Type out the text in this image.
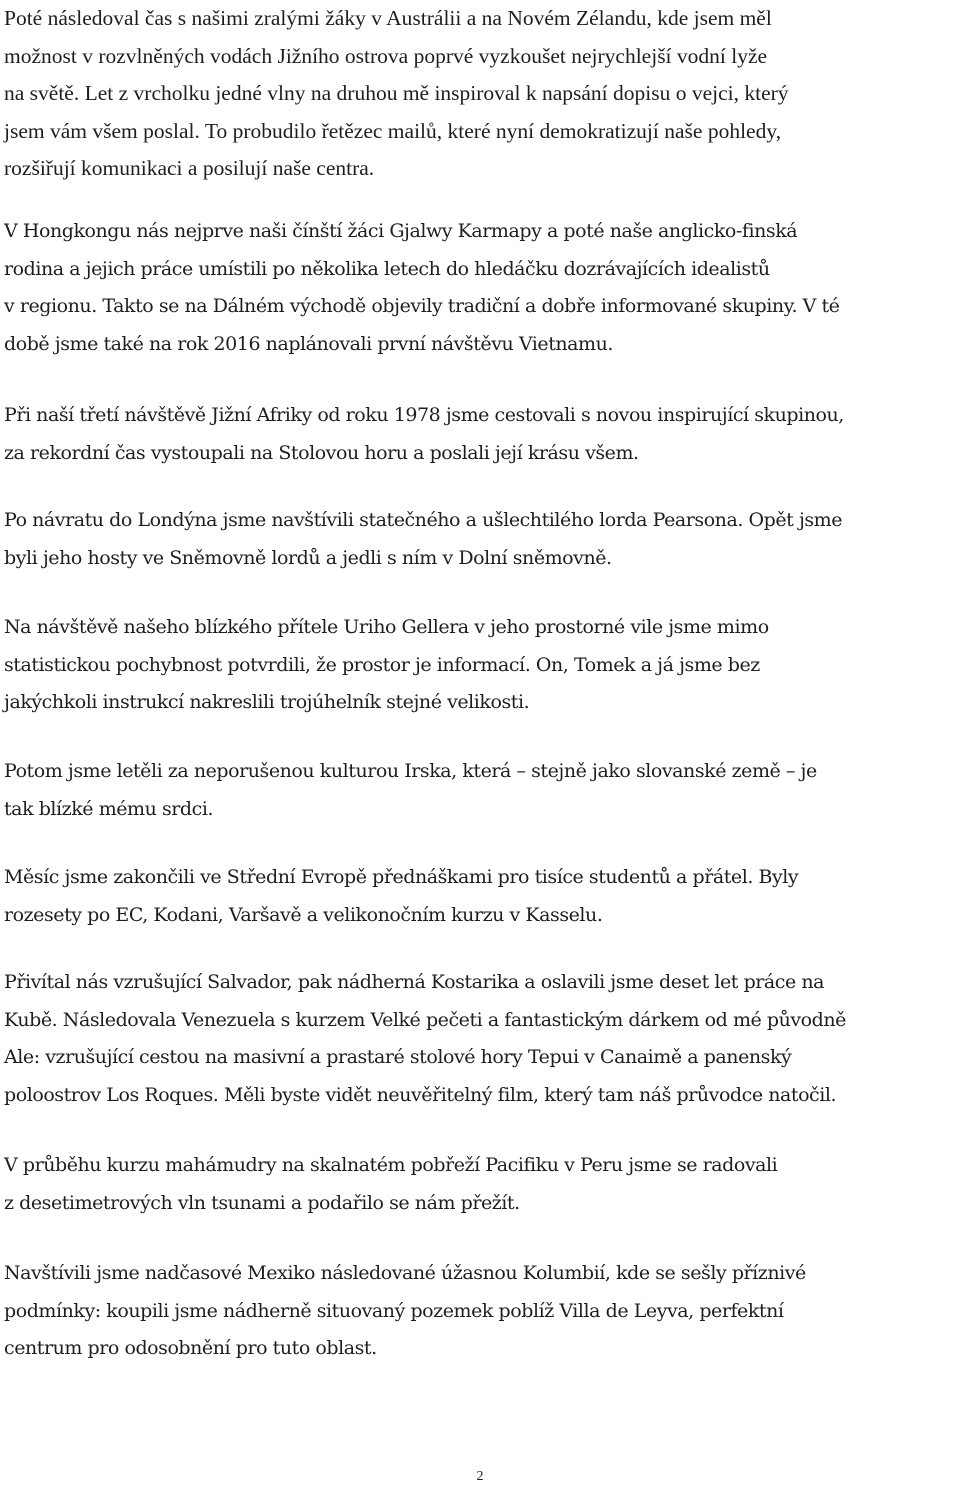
Poté následoval čas s našimi zralými žáky v Austrálii a na Novém Zélandu, kde jsem měl
možnost v rozvlněných vodách Jižního ostrova poprvé vyzkoušet nejrychlejší vodní lyže
na světě. Let z vrcholku jedné vlny na druhou mě inspiroval k napsání dopisu o vejci, který
jsem vám všem poslal. To probudilo řetězec mailů, které nyní demokratizují naše pohledy,
rozšiřují komunikaci a posilují naše centra.

V Hongkongu nás nejprve naši čínští žáci Gjalwy Karmapy a poté naše anglicko-finská
rodina a jejich práce umístili po několika letech do hledáčku dozrávajících idealistů
v regionu. Takto se na Dálném východě objevily tradiční a dobře informované skupiny. V té
době jsme také na rok 2016 naplánovali první návštěvu Vietnamu.

Při naší třetí návštěvě Jižní Afriky od roku 1978 jsme cestovali s novou inspirující skupinou,
za rekordní čas vystoupali na Stolovou horu a poslali její krásu všem.

Po návratu do Londýna jsme navštívili statečného a ušlechtilého lorda Pearsona. Opět jsme
byli jeho hosty ve Sněmovně lordů a jedli s ním v Dolní sněmovně.

Na návštěvě našeho blízkého přítele Uriho Gellera v jeho prostorné vile jsme mimo
statistickou pochybnost potvrdili, že prostor je informací. On, Tomek a já jsme bez
jakýchkoli instrukcí nakreslili trojúhelník stejné velikosti.

Potom jsme letěli za neporušenou kulturou Irska, která – stejně jako slovanské země – je
tak blízké mému srdci.

Měsíc jsme zakončili ve Střední Evropě přednáškami pro tisíce studentů a přátel. Byly
rozesety po EC, Kodani, Varšavě a velikonočním kurzu v Kasselu.

Přivítal nás vzrušující Salvador, pak nádherná Kostarika a oslavili jsme deset let práce na
Kubě. Následovala Venezuela s kurzem Velké pečeti a fantastickým dárkem od mé původně
Ale: vzrušující cestou na masivní a prastaré stolové hory Tepui v Canaimě a panenský
poloostrov Los Roques. Měli byste vidět neuvěřitelný film, který tam náš průvodce natočil.

V průběhu kurzu mahámudry na skalnatém pobřeží Pacifiku v Peru jsme se radovali
z desetimetrových vln tsunami a podařilo se nám přežít.

Navštívili jsme nadčasové Mexiko následované úžasnou Kolumbií, kde se sešly příznivé
podmínky: koupili jsme nádherně situovaný pozemek poblíž Villa de Leyva, perfektní
centrum pro odosobnění pro tuto oblast.

2
